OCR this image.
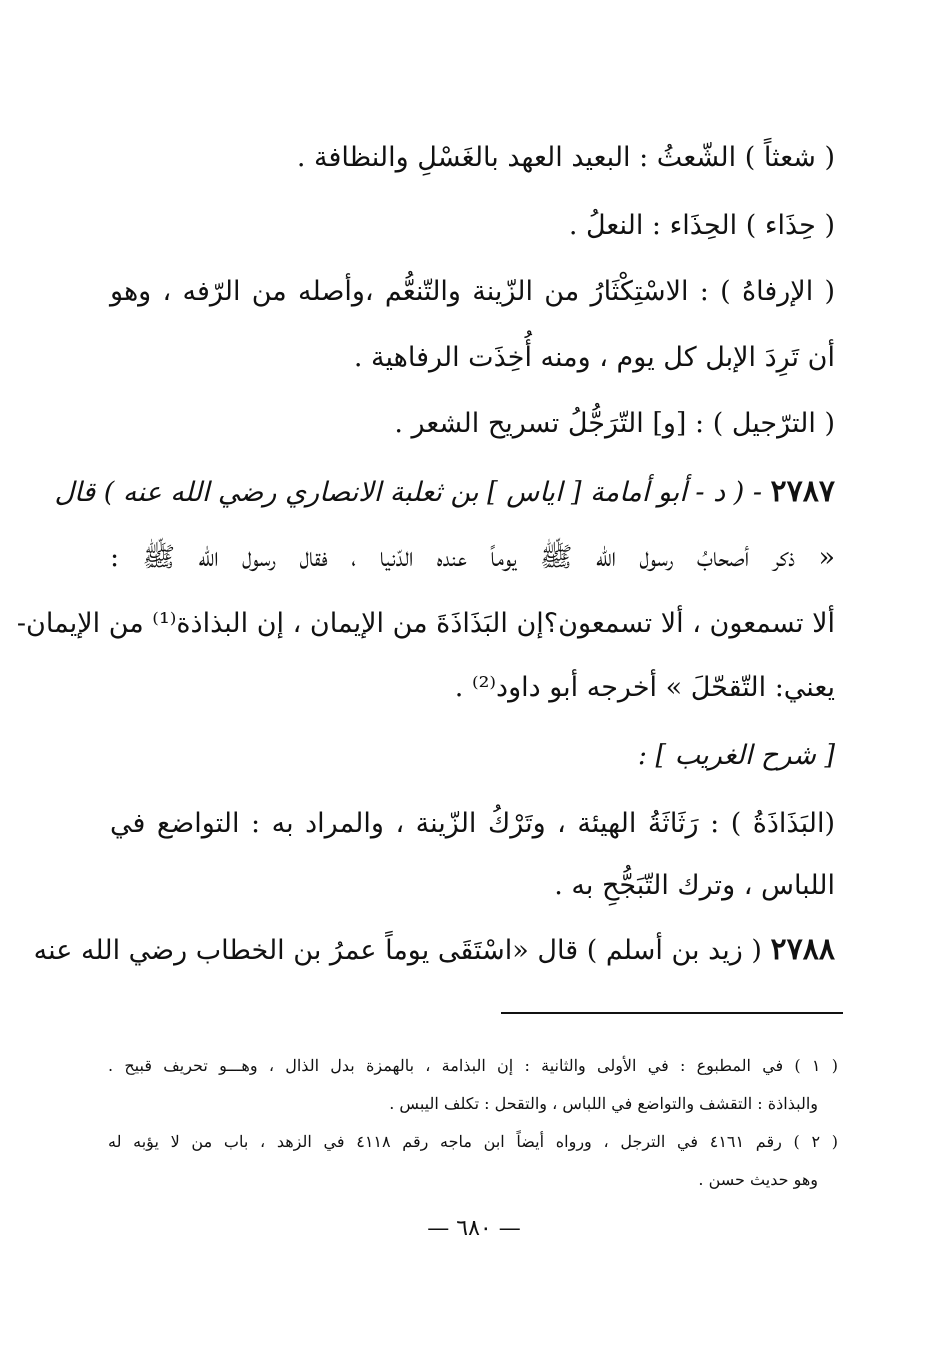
( شعثاً ) الشّعثُ : البعيد العهد بالغَسْلِ والنظافة .
( حِذَاء ) الحِذَاء : النعلُ .
( الإرفاهُ ) : الاسْتِكْثَارُ من الزّينة والتّنعُّم ،وأصله من الرّفه ، وهو
أن تَرِدَ الإبل كل يوم ، ومنه أُخِذَت الرفاهية .
( الترّجيل ) : [و] التّرَجُّلُ تسريح الشعر .
٢٧٨٧ - ( د - أبو أمامة [ اياس ] بن ثعلبة الانصاري رضي الله عنه ) قال
« ذكر أصحابُ رسول الله ﷺ يوماً عنده الدّنيا ، فقال رسول الله ﷺ :
ألا تسمعون ، ألا تسمعون؟إن البَذَاذَةَ من الإيمان ، إن البذاذة⁽¹⁾ من الإيمان-
يعني: التّقحّلَ » أخرجه أبو داود⁽²⁾ .
[ شرح الغريب ] :
(البَذَاذَةُ ) : رَثَاثَةُ الهيئة ، وتَرْكُ الزّينة ، والمراد به : التواضع في
اللباس ، وترك التّبَجُّحِ به .
٢٧٨٨ ( زيد بن أسلم ) قال «اسْتَقَى يوماً عمرُ بن الخطاب رضي الله عنه
( ١ ) في المطبوع : في الأولى والثانية : إن البذامة ، بالهمزة بدل الذال ، وهـــو تحريف قبيح .
والبذاذة : التقشف والتواضع في اللباس ، والتقحل : تكلف اليبس .
( ٢ ) رقم ٤١٦١ في الترجل ، ورواه أيضاً ابن ماجه رقم ٤١١٨ في الزهد ، باب من لا يؤبه له
وهو حديث حسن .
— ٦٨٠ —
